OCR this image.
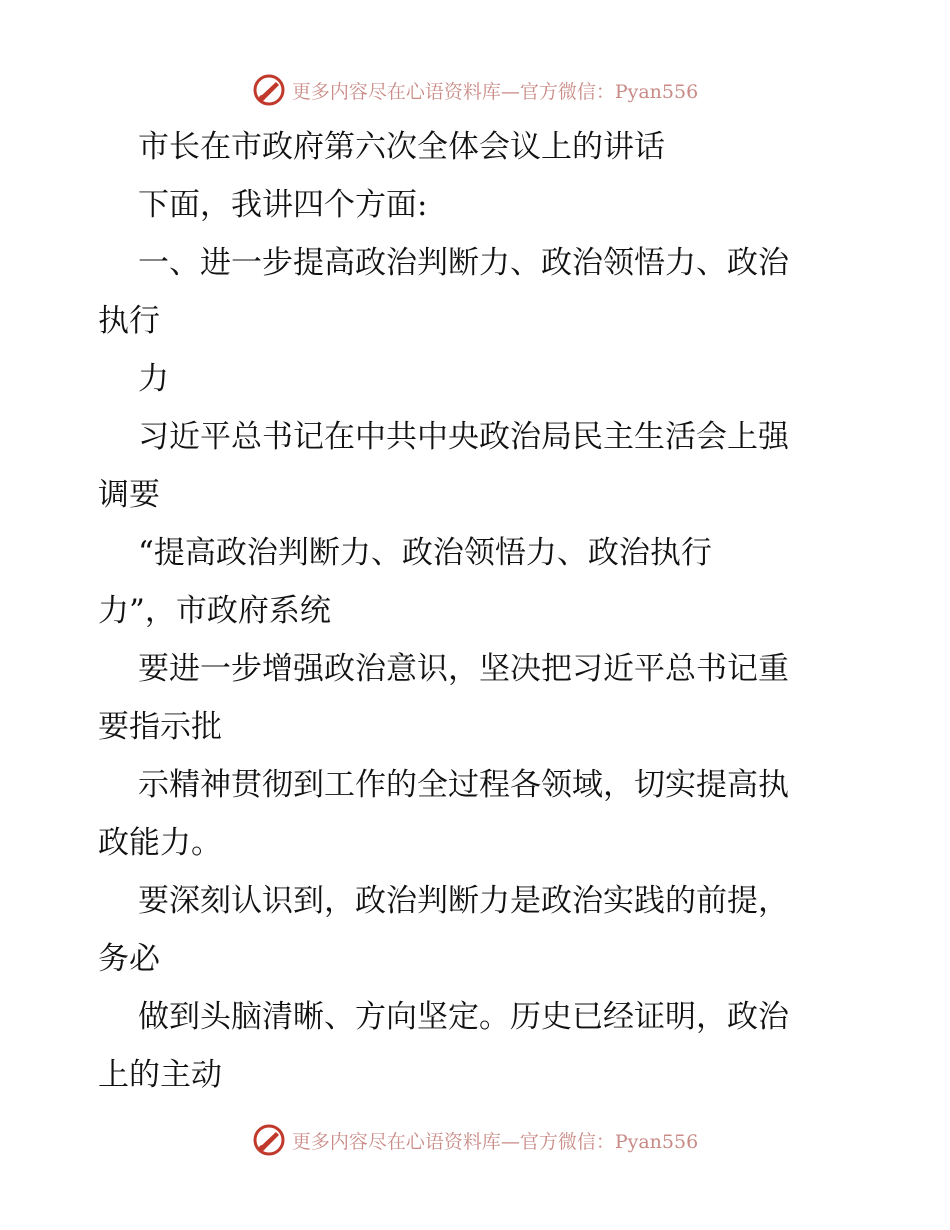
更多内容尽在心语资料库—官方微信：Pyan556
市长在市政府第六次全体会议上的讲话
下面，我讲四个方面:
一、进一步提高政治判断力、政治领悟力、政治
执行
力
习近平总书记在中共中央政治局民主生活会上强
调要
“提高政治判断力、政治领悟力、政治执行
力”，市政府系统
要进一步增强政治意识，坚决把习近平总书记重
要指示批
示精神贯彻到工作的全过程各领域，切实提高执
政能力。
要深刻认识到，政治判断力是政治实践的前提，
务必
做到头脑清晰、方向坚定。历史已经证明，政治
上的主动
更多内容尽在心语资料库—官方微信：Pyan556
